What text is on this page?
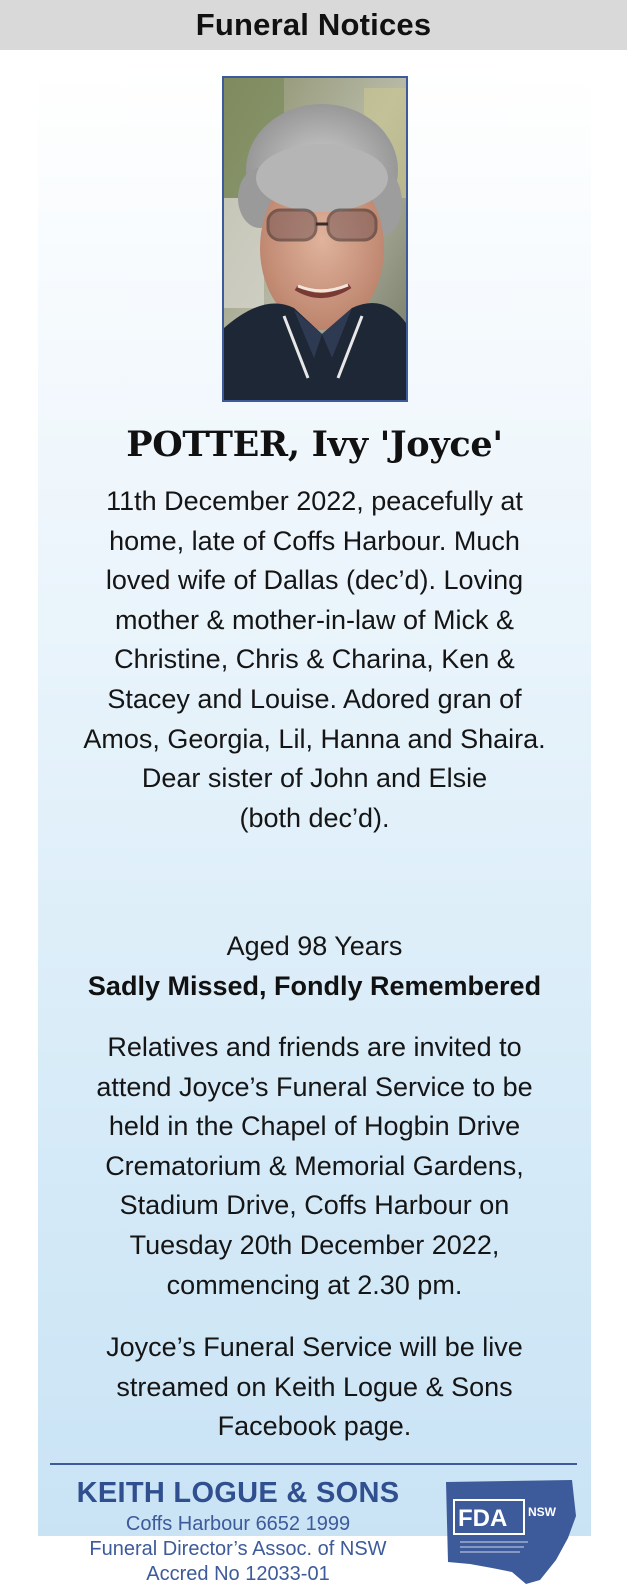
Funeral Notices
POTTER, Ivy 'Joyce'
11th December 2022, peacefully at
home, late of Coffs Harbour. Much
loved wife of Dallas (dec’d). Loving
mother & mother-in-law of Mick &
Christine, Chris & Charina, Ken &
Stacey and Louise. Adored gran of
Amos, Georgia, Lil, Hanna and Shaira.
Dear sister of John and Elsie
(both dec’d).
Aged 98 Years
Sadly Missed, Fondly Remembered
Relatives and friends are invited to
attend Joyce’s Funeral Service to be
held in the Chapel of Hogbin Drive
Crematorium & Memorial Gardens,
Stadium Drive, Coffs Harbour on
Tuesday 20th December 2022,
commencing at 2.30 pm.
Joyce’s Funeral Service will be live
streamed on Keith Logue & Sons
Facebook page.
KEITH LOGUE & SONS
Coffs Harbour 6652 1999
Funeral Director’s Assoc. of NSW
Accred No 12033-01
FDA NSW
